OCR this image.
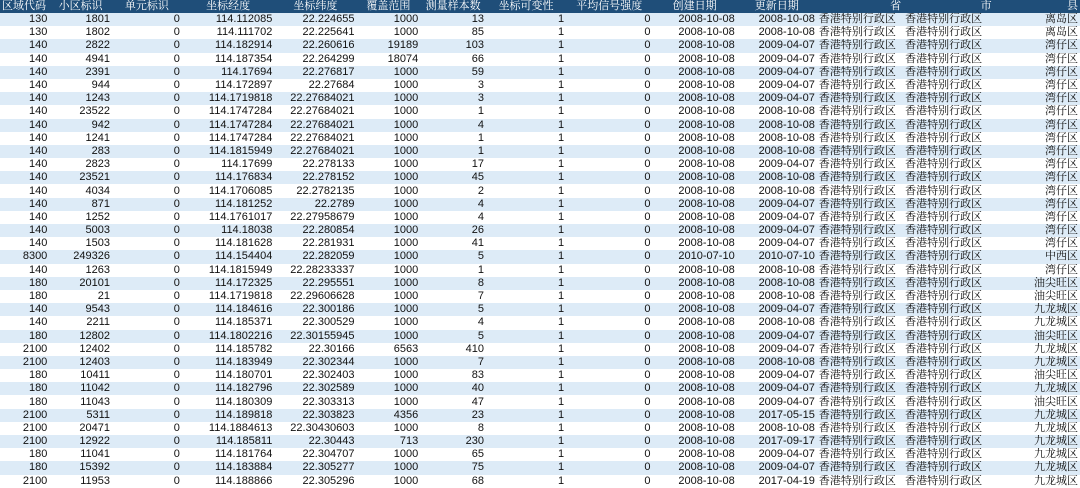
区域代码	小区标识	单元标识	坐标经度	坐标纬度	覆盖范围	测量样本数	坐标可变性	平均信号强度	创建日期	更新日期	省	市	县
130	1801	0	114.112085	22.224655	1000	13	1	0	2008-10-08	2008-10-08	香港特别行政区	香港特别行政区	离岛区
130	1802	0	114.111702	22.225641	1000	85	1	0	2008-10-08	2008-10-08	香港特别行政区	香港特别行政区	离岛区
140	2822	0	114.182914	22.260616	19189	103	1	0	2008-10-08	2009-04-07	香港特别行政区	香港特别行政区	湾仔区
140	4941	0	114.187354	22.264299	18074	66	1	0	2008-10-08	2009-04-07	香港特别行政区	香港特别行政区	湾仔区
140	2391	0	114.17694	22.276817	1000	59	1	0	2008-10-08	2009-04-07	香港特别行政区	香港特别行政区	湾仔区
140	944	0	114.172897	22.27684	1000	3	1	0	2008-10-08	2009-04-07	香港特别行政区	香港特别行政区	湾仔区
140	1243	0	114.1719818	22.27684021	1000	3	1	0	2008-10-08	2009-04-07	香港特别行政区	香港特别行政区	湾仔区
140	23522	0	114.1747284	22.27684021	1000	1	1	0	2008-10-08	2008-10-08	香港特别行政区	香港特别行政区	湾仔区
140	942	0	114.1747284	22.27684021	1000	4	1	0	2008-10-08	2008-10-08	香港特别行政区	香港特别行政区	湾仔区
140	1241	0	114.1747284	22.27684021	1000	1	1	0	2008-10-08	2008-10-08	香港特别行政区	香港特别行政区	湾仔区
140	283	0	114.1815949	22.27684021	1000	1	1	0	2008-10-08	2008-10-08	香港特别行政区	香港特别行政区	湾仔区
140	2823	0	114.17699	22.278133	1000	17	1	0	2008-10-08	2009-04-07	香港特别行政区	香港特别行政区	湾仔区
140	23521	0	114.176834	22.278152	1000	45	1	0	2008-10-08	2008-10-08	香港特别行政区	香港特别行政区	湾仔区
140	4034	0	114.1706085	22.2782135	1000	2	1	0	2008-10-08	2008-10-08	香港特别行政区	香港特别行政区	湾仔区
140	871	0	114.181252	22.2789	1000	4	1	0	2008-10-08	2009-04-07	香港特别行政区	香港特别行政区	湾仔区
140	1252	0	114.1761017	22.27958679	1000	4	1	0	2008-10-08	2009-04-07	香港特别行政区	香港特别行政区	湾仔区
140	5003	0	114.18038	22.280854	1000	26	1	0	2008-10-08	2009-04-07	香港特别行政区	香港特别行政区	湾仔区
140	1503	0	114.181628	22.281931	1000	41	1	0	2008-10-08	2009-04-07	香港特别行政区	香港特别行政区	湾仔区
8300	249326	0	114.154404	22.282059	1000	5	1	0	2010-07-10	2010-07-10	香港特别行政区	香港特别行政区	中西区
140	1263	0	114.1815949	22.28233337	1000	1	1	0	2008-10-08	2008-10-08	香港特别行政区	香港特别行政区	湾仔区
180	20101	0	114.172325	22.295551	1000	8	1	0	2008-10-08	2008-10-08	香港特别行政区	香港特别行政区	油尖旺区
180	21	0	114.1719818	22.29606628	1000	7	1	0	2008-10-08	2008-10-08	香港特别行政区	香港特别行政区	油尖旺区
140	9543	0	114.184616	22.300186	1000	5	1	0	2008-10-08	2009-04-07	香港特别行政区	香港特别行政区	九龙城区
140	2211	0	114.185371	22.300529	1000	4	1	0	2008-10-08	2008-10-08	香港特别行政区	香港特别行政区	九龙城区
180	12802	0	114.1802216	22.30155945	1000	5	1	0	2008-10-08	2009-04-07	香港特别行政区	香港特别行政区	油尖旺区
2100	12402	0	114.185782	22.30166	6563	410	1	0	2008-10-08	2009-04-07	香港特别行政区	香港特别行政区	九龙城区
2100	12403	0	114.183949	22.302344	1000	7	1	0	2008-10-08	2008-10-08	香港特别行政区	香港特别行政区	九龙城区
180	10411	0	114.180701	22.302403	1000	83	1	0	2008-10-08	2009-04-07	香港特别行政区	香港特别行政区	油尖旺区
180	11042	0	114.182796	22.302589	1000	40	1	0	2008-10-08	2009-04-07	香港特别行政区	香港特别行政区	九龙城区
180	11043	0	114.180309	22.303313	1000	47	1	0	2008-10-08	2009-04-07	香港特别行政区	香港特别行政区	油尖旺区
2100	5311	0	114.189818	22.303823	4356	23	1	0	2008-10-08	2017-05-15	香港特别行政区	香港特别行政区	九龙城区
2100	20471	0	114.1884613	22.30430603	1000	8	1	0	2008-10-08	2008-10-08	香港特别行政区	香港特别行政区	九龙城区
2100	12922	0	114.185811	22.30443	713	230	1	0	2008-10-08	2017-09-17	香港特别行政区	香港特别行政区	九龙城区
180	11041	0	114.181764	22.304707	1000	65	1	0	2008-10-08	2009-04-07	香港特别行政区	香港特别行政区	九龙城区
180	15392	0	114.183884	22.305277	1000	75	1	0	2008-10-08	2009-04-07	香港特别行政区	香港特别行政区	九龙城区
2100	11953	0	114.188866	22.305296	1000	68	1	0	2008-10-08	2017-04-19	香港特别行政区	香港特别行政区	九龙城区
